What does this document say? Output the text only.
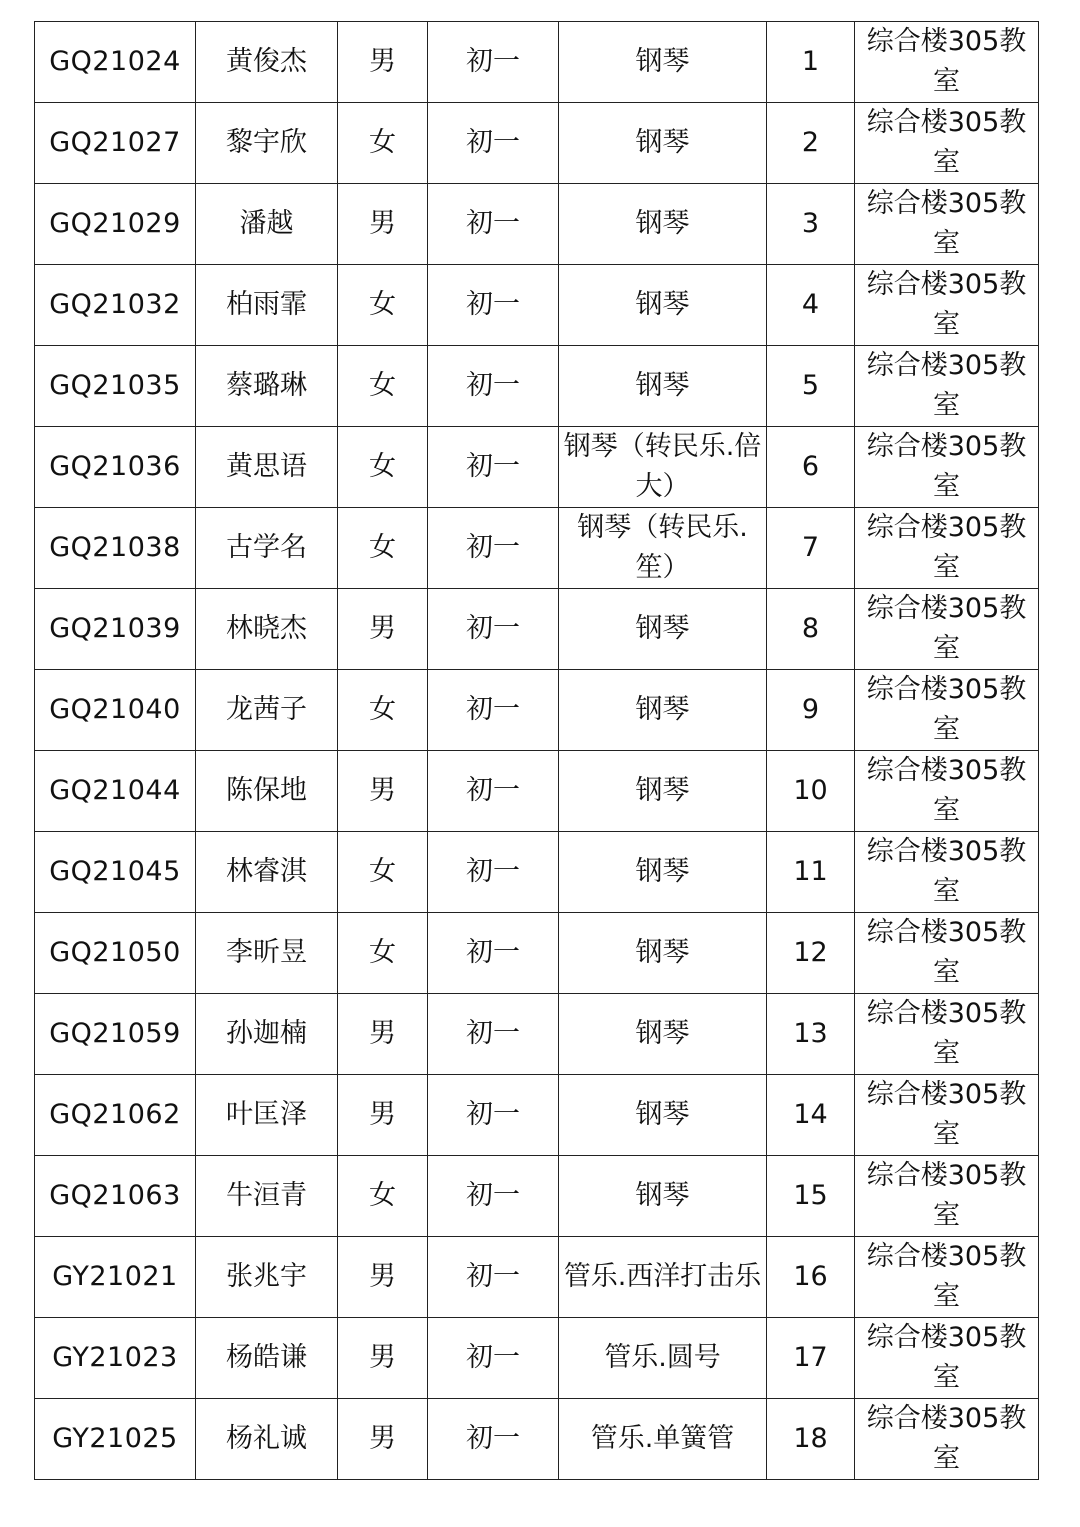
GQ21024	黄俊杰	男	初一	钢琴	1	综合楼305教室
GQ21027	黎宇欣	女	初一	钢琴	2	综合楼305教室
GQ21029	潘越	男	初一	钢琴	3	综合楼305教室
GQ21032	柏雨霏	女	初一	钢琴	4	综合楼305教室
GQ21035	蔡璐琳	女	初一	钢琴	5	综合楼305教室
GQ21036	黄思语	女	初一	钢琴（转民乐.倍大）	6	综合楼305教室
GQ21038	古学名	女	初一	钢琴（转民乐.笙）	7	综合楼305教室
GQ21039	林晓杰	男	初一	钢琴	8	综合楼305教室
GQ21040	龙茜子	女	初一	钢琴	9	综合楼305教室
GQ21044	陈保地	男	初一	钢琴	10	综合楼305教室
GQ21045	林睿淇	女	初一	钢琴	11	综合楼305教室
GQ21050	李昕昱	女	初一	钢琴	12	综合楼305教室
GQ21059	孙迦楠	男	初一	钢琴	13	综合楼305教室
GQ21062	叶匡泽	男	初一	钢琴	14	综合楼305教室
GQ21063	牛洹青	女	初一	钢琴	15	综合楼305教室
GY21021	张兆宇	男	初一	管乐.西洋打击乐	16	综合楼305教室
GY21023	杨皓谦	男	初一	管乐.圆号	17	综合楼305教室
GY21025	杨礼诚	男	初一	管乐.单簧管	18	综合楼305教室
